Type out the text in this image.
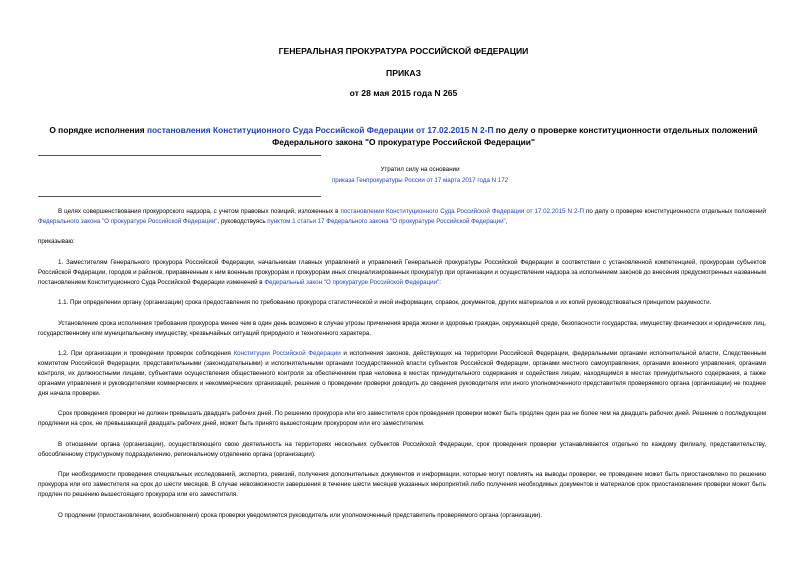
ГЕНЕРАЛЬНАЯ ПРОКУРАТУРА РОССИЙСКОЙ ФЕДЕРАЦИИ
ПРИКАЗ
от 28 мая 2015 года N 265
О порядке исполнения постановления Конституционного Суда Российской Федерации от 17.02.2015 N 2-П по делу о проверке конституционности отдельных положений Федерального закона "О прокуратуре Российской Федерации"
Утратил силу на основании
приказа Генпрокуратуры России от 17 марта 2017 года N 172

В целях совершенствования прокурорского надзора, с учетом правовых позиций, изложенных в постановлении Конституционного Суда Российской Федерации от 17.02.2015 N 2-П по делу о проверке конституционности отдельных положений Федерального закона "О прокуратуре Российской Федерации", руководствуясь пунктом 1 статьи 17 Федерального закона "О прокуратуре Российской Федерации",

приказываю:

1. Заместителям Генерального прокурора Российской Федерации, начальникам главных управлений и управлений Генеральной прокуратуры Российской Федерации в соответствии с установленной компетенцией, прокурорам субъектов Российской Федерации, городов и районов, приравненным к ним военным прокурорам и прокурорам иных специализированных прокуратур при организации и осуществлении надзора за исполнением законов до внесения предусмотренных названным постановлением Конституционного Суда Российской Федерации изменений в Федеральный закон "О прокуратуре Российской Федерации":

1.1. При определении органу (организации) срока предоставления по требованию прокурора статистической и иной информации, справок, документов, других материалов и их копий руководствоваться принципом разумности.

Установление срока исполнения требования прокурора менее чем в один день возможно в случае угрозы причинения вреда жизни и здоровью граждан, окружающей среде, безопасности государства, имуществу физических и юридических лиц, государственному или муниципальному имуществу, чрезвычайных ситуаций природного и техногенного характера.

1.2. При организации и проведении проверок соблюдения Конституции Российской Федерации и исполнения законов, действующих на территории Российской Федерации, федеральными органами исполнительной власти, Следственным комитетом Российской Федерации, представительными (законодательными) и исполнительными органами государственной власти субъектов Российской Федерации, органами местного самоуправления, органами военного управления, органами контроля, их должностными лицами, субъектами осуществления общественного контроля за обеспечением прав человека в местах принудительного содержания и содействия лицам, находящимся в местах принудительного содержания, а также органами управления и руководителями коммерческих и некоммерческих организаций, решение о проведении проверки доводить до сведения руководителя или иного уполномоченного представителя проверяемого органа (организации) не позднее дня начала проверки.

Срок проведения проверки не должен превышать двадцать рабочих дней. По решению прокурора или его заместителя срок проведения проверки может быть продлен один раз не более чем на двадцать рабочих дней. Решение о последующем продлении на срок, не превышающий двадцать рабочих дней, может быть принято вышестоящим прокурором или его заместителем.

В отношении органа (организации), осуществляющего свою деятельность на территориях нескольких субъектов Российской Федерации, срок проведения проверки устанавливается отдельно по каждому филиалу, представительству, обособленному структурному подразделению, региональному отделению органа (организации).

При необходимости проведения специальных исследований, экспертиз, ревизий, получения дополнительных документов и информации, которые могут повлиять на выводы проверки, ее проведение может быть приостановлено по решению прокурора или его заместителя на срок до шести месяцев. В случае невозможности завершения в течение шести месяцев указанных мероприятий либо получения необходимых документов и материалов срок приостановления проверки может быть продлен по решению вышестоящего прокурора или его заместителя.

О продлении (приостановлении, возобновлении) срока проверки уведомляется руководитель или уполномоченный представитель проверяемого органа (организации).
